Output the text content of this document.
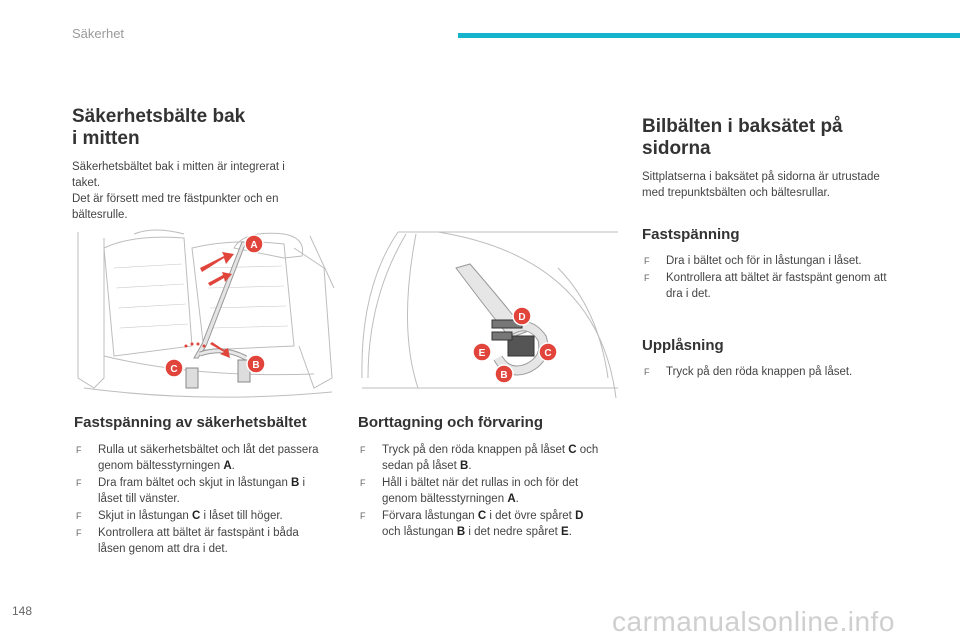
Säkerhet
Säkerhetsbälte bak
i mitten

Säkerhetsbältet bak i mitten är integrerat i
taket.
Det är försett med tre fästpunkter och en
bältesrulle.

A
B
C
D
E	C
B
Fastspänning av säkerhetsbältet
F Rulla ut säkerhetsbältet och låt det passera
genom bältesstyrningen A.
F Dra fram bältet och skjut in låstungan B i
låset till vänster.
F Skjut in låstungan C i låset till höger.
F Kontrollera att bältet är fastspänt i båda
låsen genom att dra i det.
Borttagning och förvaring
F Tryck på den röda knappen på låset C och
sedan på låset B.
F Håll i bältet när det rullas in och för det
genom bältesstyrningen A.
F Förvara låstungan C i det övre spåret D
och låstungan B i det nedre spåret E.
Bilbälten i baksätet på
sidorna

Sittplatserna i baksätet på sidorna är utrustade
med trepunktsbälten och bältesrullar.

Fastspänning
F Dra i bältet och för in låstungan i låset.
F Kontrollera att bältet är fastspänt genom att
dra i det.
Upplåsning
F Tryck på den röda knappen på låset.
148	carmanualsonline.info
